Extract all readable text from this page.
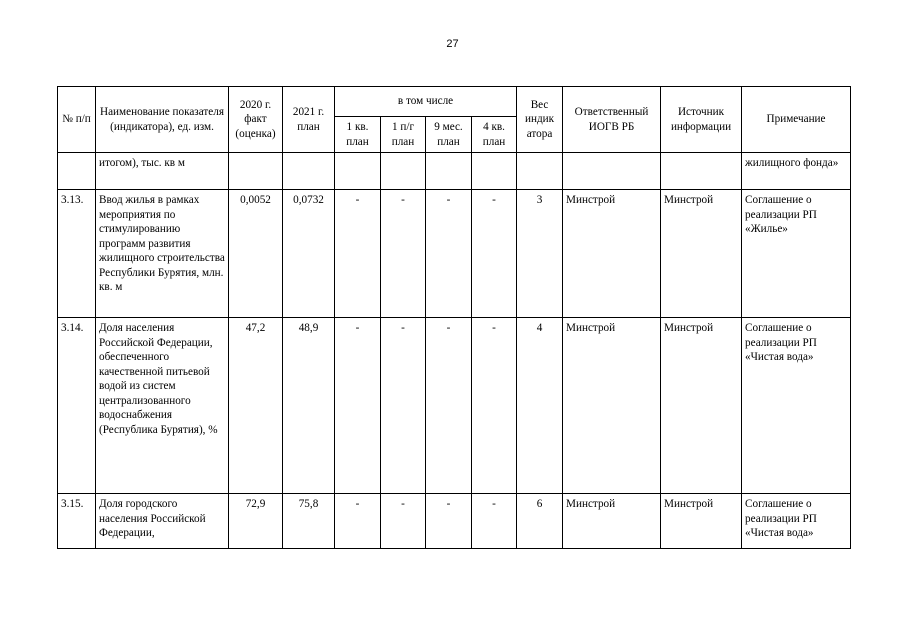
27
№ п/п	Наименование показателя (индикатора), ед. изм.	2020 г. факт (оценка)	2021 г. план	в том числе				Вес индик атора	Ответственный ИОГВ РБ	Источник информации	Примечание
				1 кв. план	1 п/г план	9 мес. план	4 кв. план				
	итогом), тыс. кв м										жилищного фонда»
3.13.	Ввод жилья в рамках мероприятия по стимулированию программ развития жилищного строительства Республики Бурятия, млн. кв. м	0,0052	0,0732	-	-	-	-	3	Минстрой	Минстрой	Соглашение о реализации РП «Жилье»
3.14.	Доля населения Российской Федерации, обеспеченного качественной питьевой водой из систем централизованного водоснабжения (Республика Бурятия), %	47,2	48,9	-	-	-	-	4	Минстрой	Минстрой	Соглашение о реализации РП «Чистая вода»
3.15.	Доля городского населения Российской Федерации,	72,9	75,8	-	-	-	-	6	Минстрой	Минстрой	Соглашение о реализации РП «Чистая вода»
